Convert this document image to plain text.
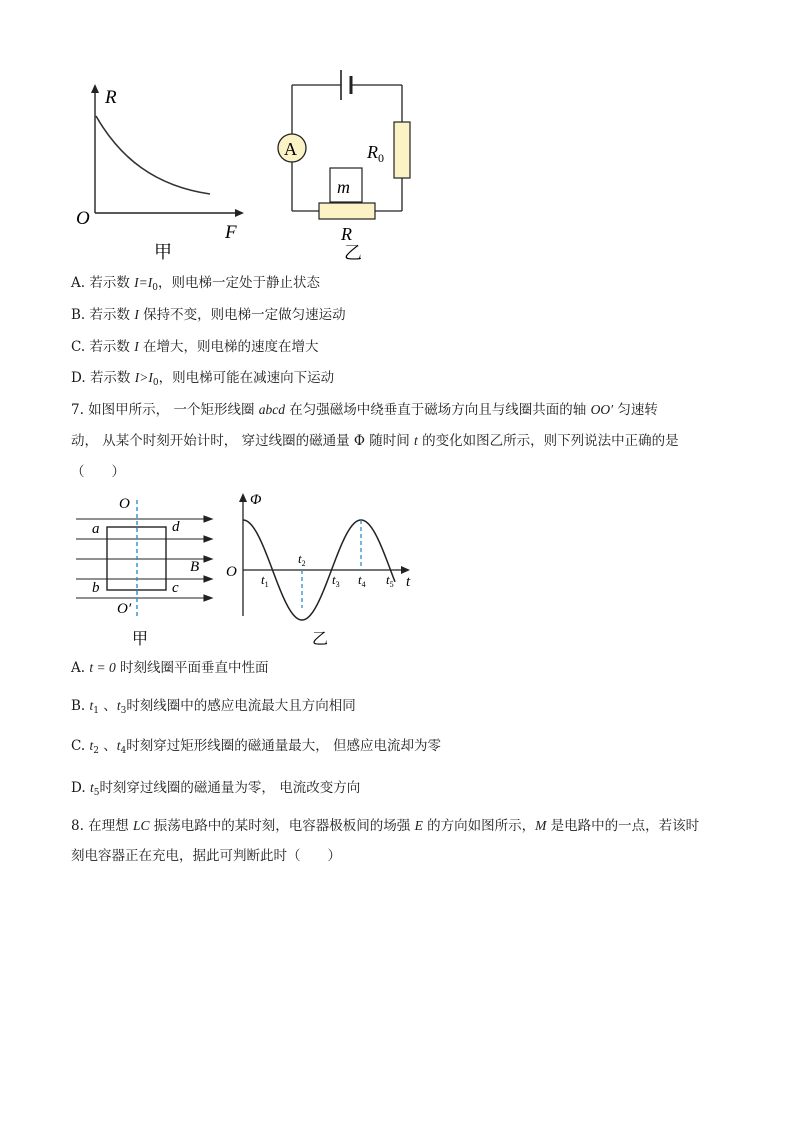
R
O
F
甲
A	$R_0$
m
R
乙
A. 若示数 $I=I_0$，则电梯一定处于静止状态
B. 若示数 I 保持不变，则电梯一定做匀速运动
C. 若示数 I 在增大，则电梯的速度在增大
D. 若示数 $I>I_0$，则电梯可能在减速向下运动
7. 如图甲所示， 一个矩形线圈 abcd 在匀强磁场中绕垂直于磁场方向且与线圈共面的轴 OO′ 匀速转
动， 从某个时刻开始计时， 穿过线圈的磁通量 Φ 随时间 t 的变化如图乙所示，则下列说法中正确的是
（　　）
O
O′
a
b	c
d
B
甲
Φ
O
t
$t_1$
$t_2$
$t_3$ $t_4$ $t_5$
乙
A. t = 0 时刻线圈平面垂直中性面
B. $t_1$ 、$t_3$时刻线圈中的感应电流最大且方向相同
C. $t_2$ 、$t_4$时刻穿过矩形线圈的磁通量最大， 但感应电流却为零
D. $t_5$时刻穿过线圈的磁通量为零， 电流改变方向
8. 在理想 LC 振荡电路中的某时刻，电容器极板间的场强 E 的方向如图所示，M 是电路中的一点，若该时
刻电容器正在充电，据此可判断此时（　　）
